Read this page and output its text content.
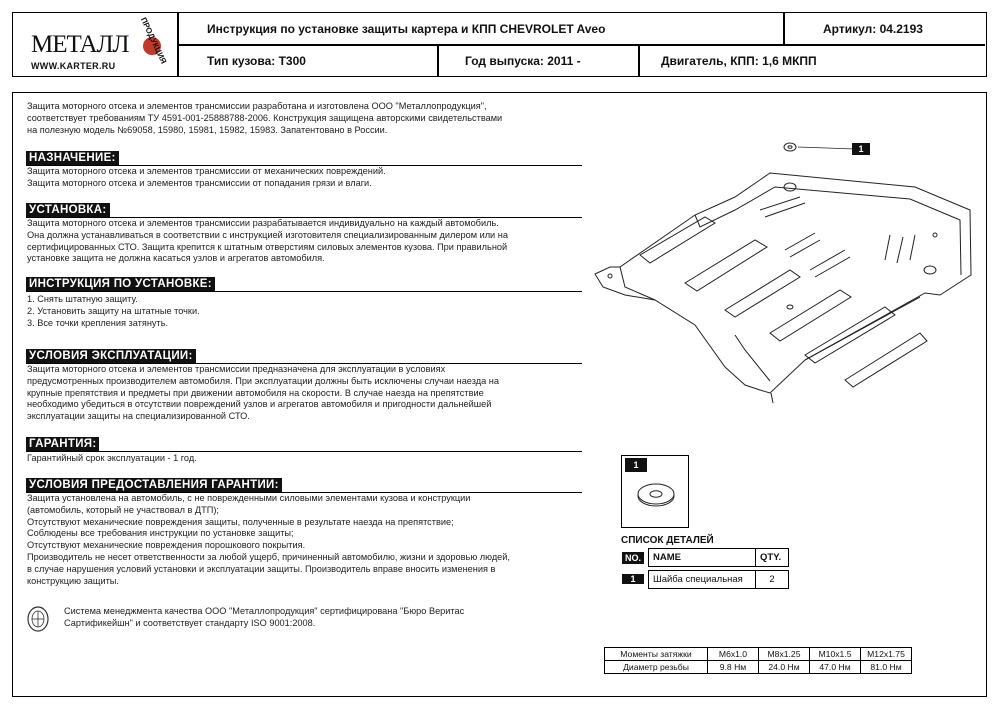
МЕТАЛЛ ПРОДУКЦИЯ
WWW.KARTER.RU
Инструкция по установке защиты картера и КПП CHEVROLET Aveo	Артикул: 04.2193
Тип кузова: T300	Год выпуска: 2011 -	Двигатель, КПП: 1,6 МКПП
Защита моторного отсека и элементов трансмиссии разработана и изготовлена ООО "Металлопродукция",
соответствует требованиям ТУ 4591-001-25888788-2006. Конструкция защищена авторскими свидетельствами
на полезную модель №69058, 15980, 15981, 15982, 15983. Запатентовано в России.
НАЗНАЧЕНИЕ:
Защита моторного отсека и элементов трансмиссии от механических повреждений.
Защита моторного отсека и элементов трансмиссии от попадания грязи и влаги.
УСТАНОВКА:
Защита моторного отсека и элементов трансмиссии разрабатывается индивидуально на каждый автомобиль.
Она должна устанавливаться в соответствии с инструкцией изготовителя специализированным дилером или на
сертифицированных СТО. Защита крепится к штатным отверстиям силовых элементов кузова. При правильной
установке защита не должна касаться узлов и агрегатов автомобиля.
ИНСТРУКЦИЯ ПО УСТАНОВКЕ:
1. Снять штатную защиту.
2. Установить защиту на штатные точки.
3. Все точки крепления затянуть.
УСЛОВИЯ ЭКСПЛУАТАЦИИ:
Защита моторного отсека и элементов трансмиссии предназначена для эксплуатации в условиях
предусмотренных производителем автомобиля. При эксплуатации должны быть исключены случаи наезда на
крупные препятствия и предметы при движении автомобиля на скорости. В случае наезда на препятствие
необходимо убедиться в отсутствии повреждений узлов и агрегатов автомобиля и пригодности дальнейшей
эксплуатации защиты на специализированной СТО.
ГАРАНТИЯ:
Гарантийный срок эксплуатации - 1 год.
УСЛОВИЯ ПРЕДОСТАВЛЕНИЯ ГАРАНТИИ:
Защита установлена на автомобиль, с не поврежденными силовыми элементами кузова и конструкции
(автомобиль, который не участвовал в ДТП);
Отсутствуют механические повреждения защиты, полученные в результате наезда на препятствие;
Соблюдены все требования инструкции по установке защиты;
Отсутствуют механические повреждения порошкового покрытия.
Производитель не несет ответственности за любой ущерб, причиненный автомобилю, жизни и здоровью людей,
в случае нарушения условий установки и эксплуатации защиты. Производитель вправе вносить изменения в
конструкцию защиты.
Система менеджмента качества ООО "Металлопродукция" сертифицирована "Бюро Веритас
Сартификейшн" и соответствует стандарту ISO 9001:2008.
1
1
СПИСОК ДЕТАЛЕЙ
NO.	NAME	QTY.

1	Шайба специальная	2
Моменты затяжки	M6x1.0	M8x1.25	M10x1.5	M12x1.75
Диаметр резьбы	9.8 Нм	24.0 Нм	47.0 Нм	81.0 Нм
